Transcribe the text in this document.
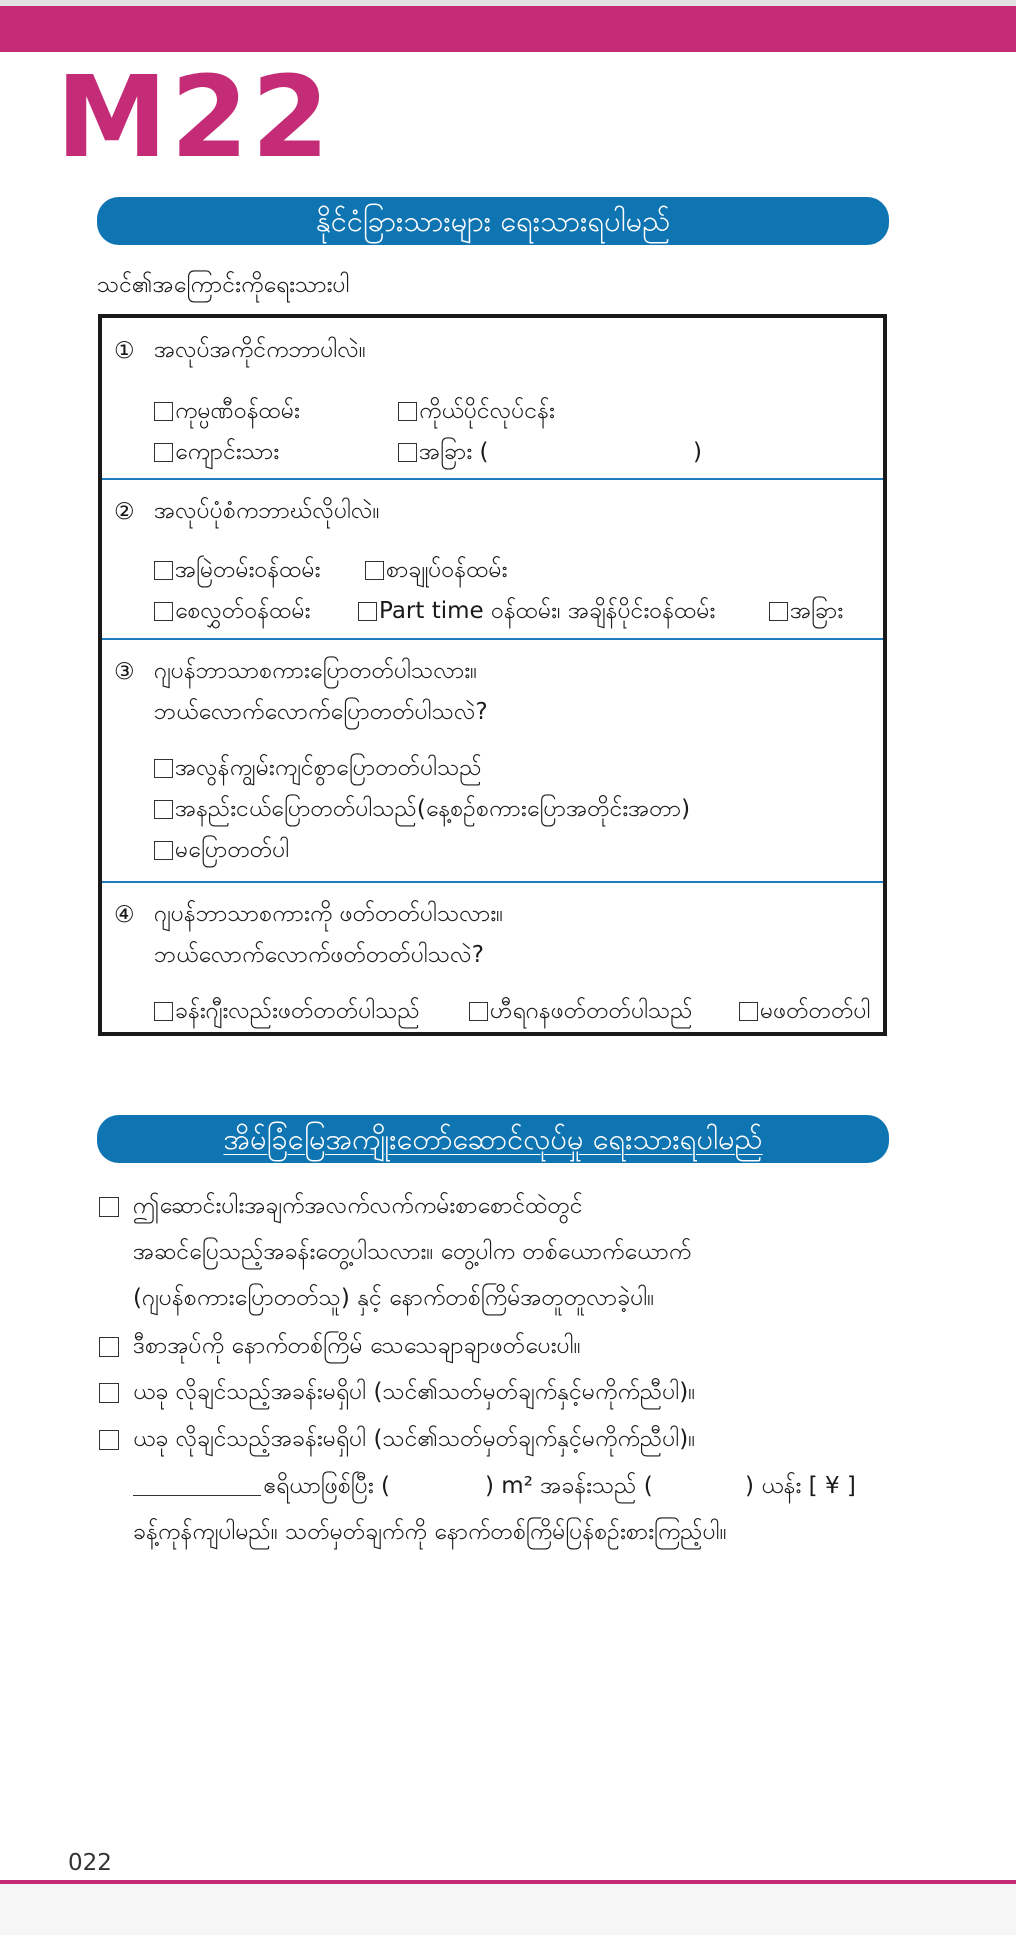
M22
နိုင်ငံခြားသားများ ရေးသားရပါမည်
သင်၏အကြောင်းကိုရေးသားပါ
① အလုပ်အကိုင်ကဘာပါလဲ။
ကုမ္ပဏီဝန်ထမ်း	ကိုယ်ပိုင်လုပ်ငန်း
ကျောင်းသား	အခြား (	)
② အလုပ်ပုံစံကဘာဃ်လိုပါလဲ။
အမြဲတမ်းဝန်ထမ်း	စာချုပ်ဝန်ထမ်း
စေလွှတ်ဝန်ထမ်း	Part time ဝန်ထမ်း၊ အချိန်ပိုင်းဝန်ထမ်း	အခြား
③ ဂျပန်ဘာသာစကားပြောတတ်ပါသလား။
ဘယ်လောက်လောက်ပြောတတ်ပါသလဲ?
အလွန်ကျွမ်းကျင်စွာပြောတတ်ပါသည်
အနည်းငယ်ပြောတတ်ပါသည်(နေ့စဉ်စကားပြောအတိုင်းအတာ)
မပြောတတ်ပါ
④ ဂျပန်ဘာသာစကားကို ဖတ်တတ်ပါသလား။
ဘယ်လောက်လောက်ဖတ်တတ်ပါသလဲ?
ခန်းဂျီးလည်းဖတ်တတ်ပါသည်	ဟီရဂနဖတ်တတ်ပါသည်	မဖတ်တတ်ပါ
အိမ်ခြံမြေအကျိုးတော်ဆောင်လုပ်မှု ရေးသားရပါမည်
ဤဆောင်းပါးအချက်အလက်လက်ကမ်းစာစောင်ထဲတွင်
အဆင်ပြေသည့်အခန်းတွေ့ပါသလား။ တွေ့ပါက တစ်ယောက်ယောက်
(ဂျပန်စကားပြောတတ်သူ) နှင့် နောက်တစ်ကြိမ်အတူတူလာခဲ့ပါ။
ဒီစာအုပ်ကို နောက်တစ်ကြိမ် သေသေချာချာဖတ်ပေးပါ။
ယခု လိုချင်သည့်အခန်းမရှိပါ (သင်၏သတ်မှတ်ချက်နှင့်မကိုက်ညီပါ)။
ယခု လိုချင်သည့်အခန်းမရှိပါ (သင်၏သတ်မှတ်ချက်နှင့်မကိုက်ညီပါ)။
ဧရိယာဖြစ်ပြီး (	) m² အခန်းသည် (	) ယန်း [ ¥ ]
ခန့်ကုန်ကျပါမည်။ သတ်မှတ်ချက်ကို နောက်တစ်ကြိမ်ပြန်စဉ်းစားကြည့်ပါ။
022
